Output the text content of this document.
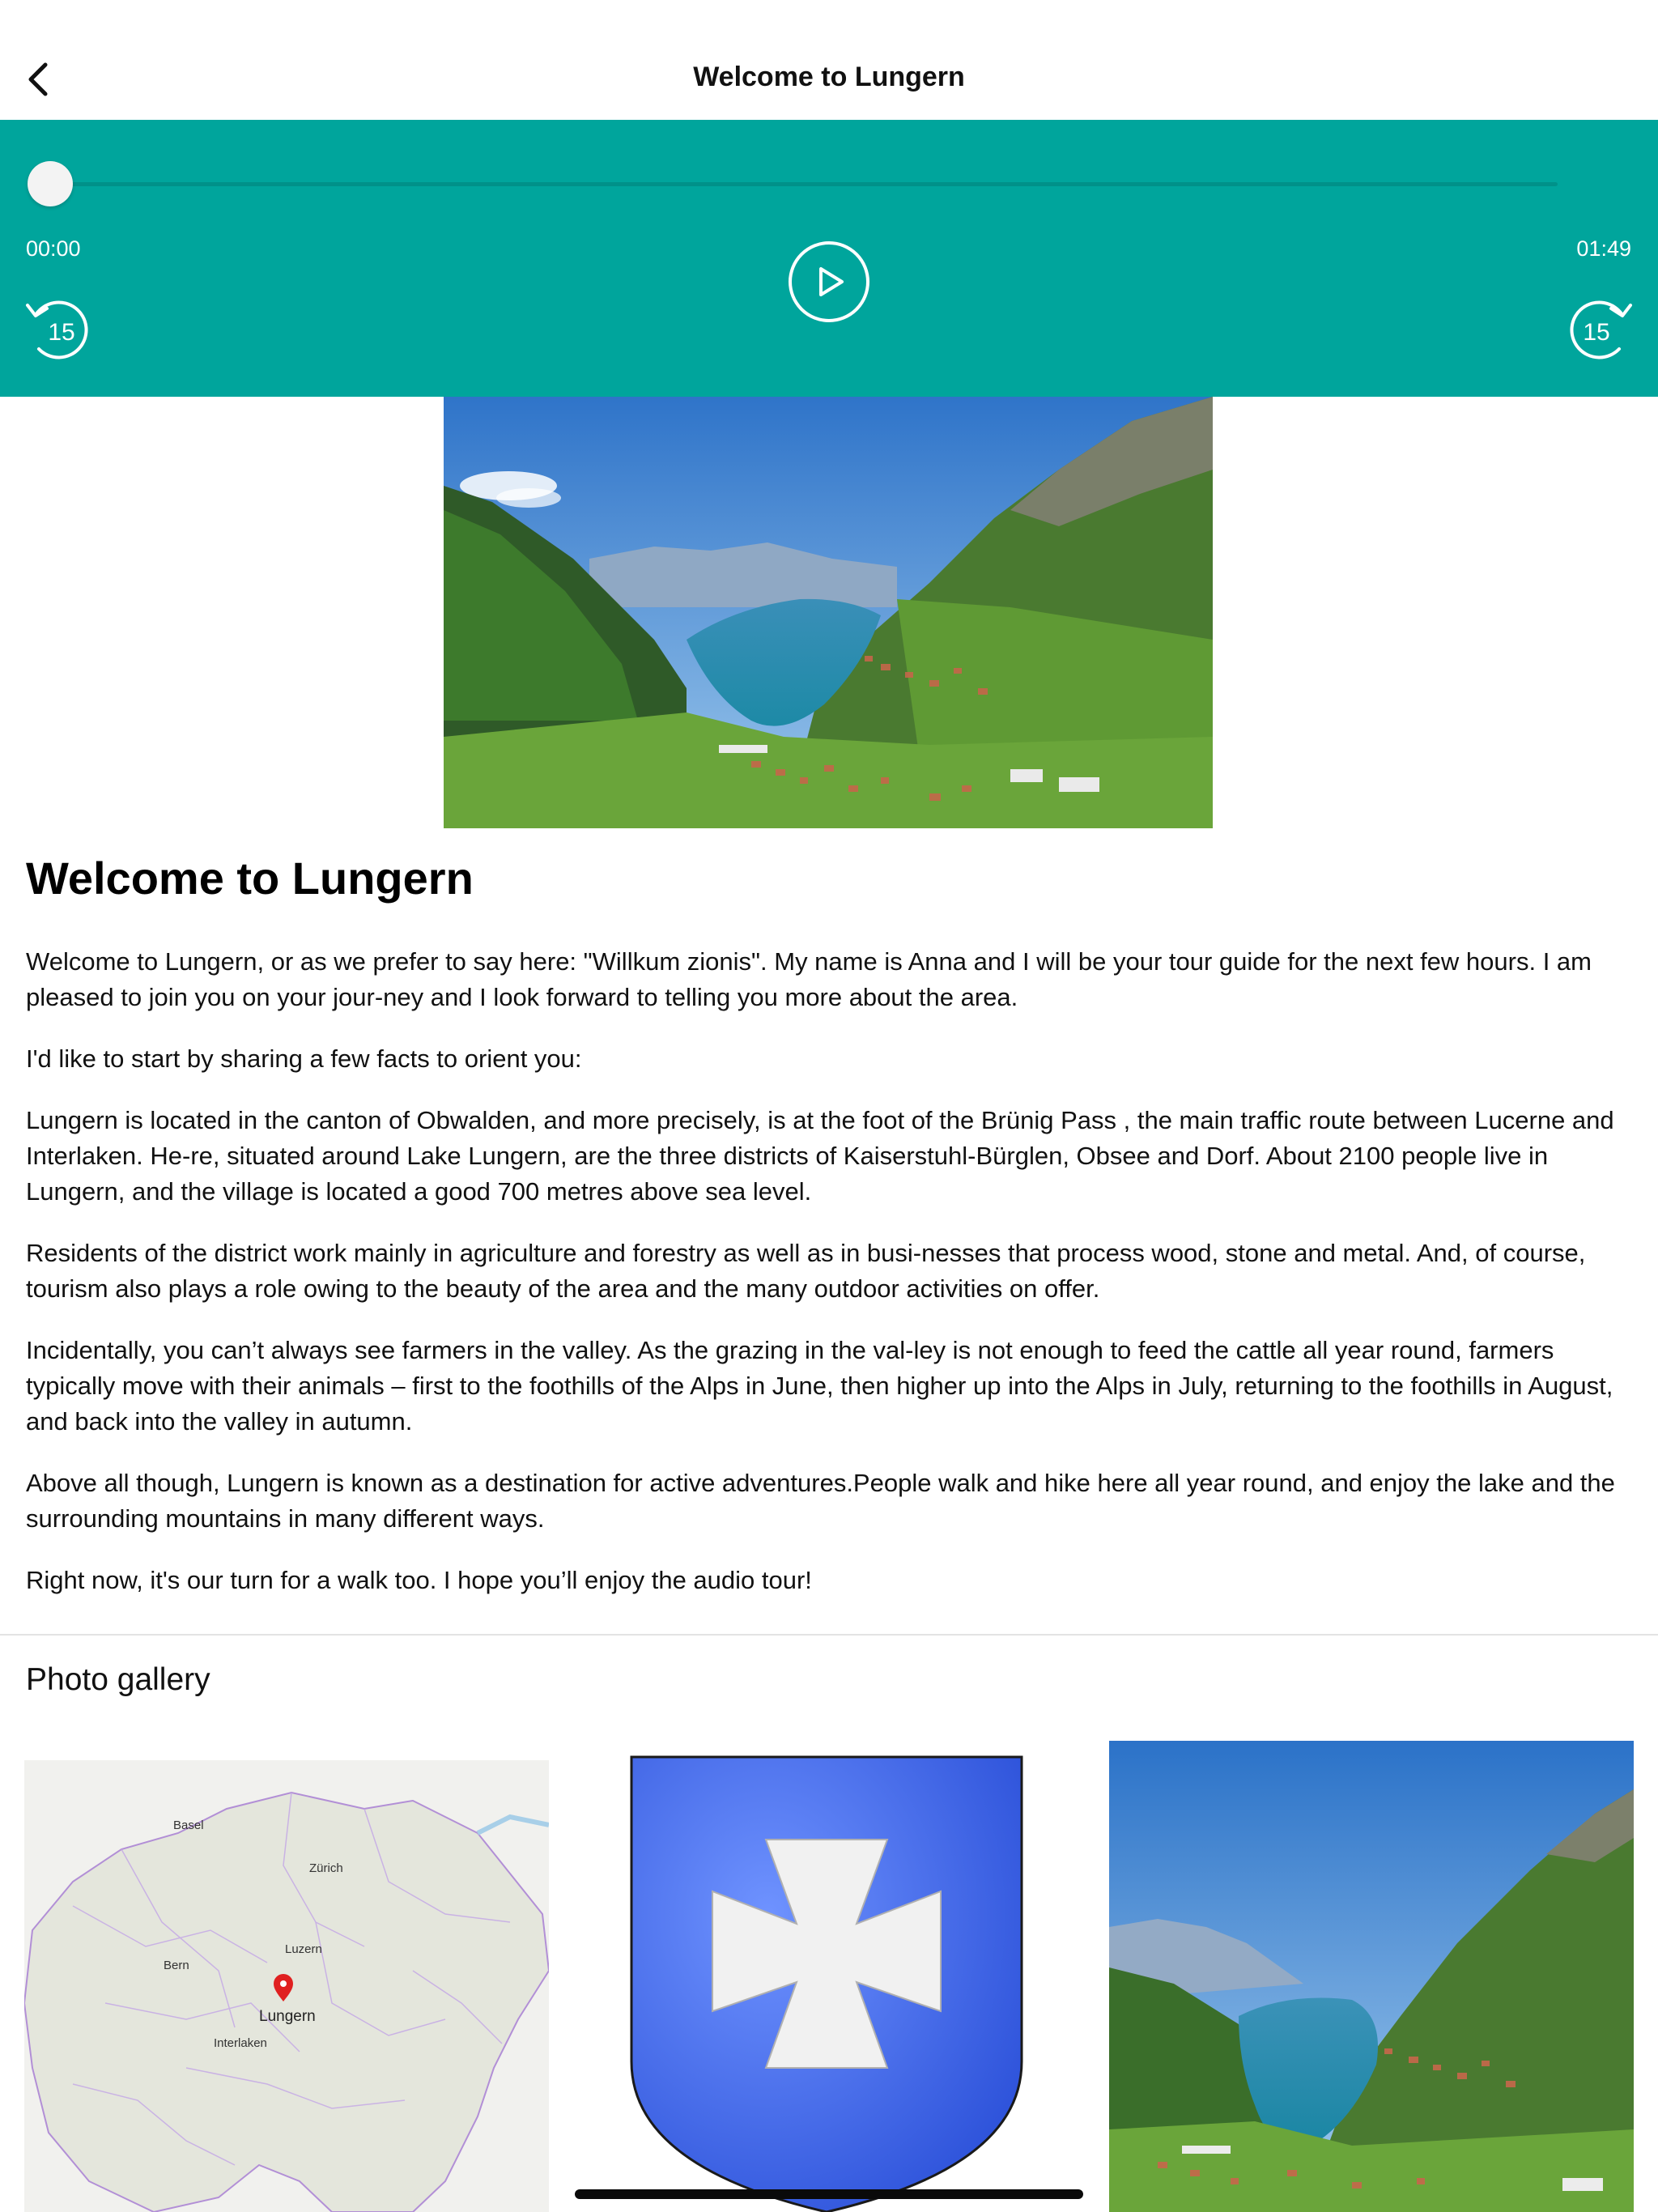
Welcome to Lungern
00:00	01:49
15	15
Welcome to Lungern

Welcome to Lungern, or as we prefer to say here: "Willkum zionis". My name is Anna and I will be your tour guide for the next few hours. I am pleased to join you on your jour-ney and I look forward to telling you more about the area.

I'd like to start by sharing a few facts to orient you:

Lungern is located in the canton of Obwalden, and more precisely, is at the foot of the Brünig Pass , the main traffic route between Lucerne and Interlaken. He-re, situated around Lake Lungern, are the three districts of Kaiserstuhl-Bürglen, Obsee and Dorf. About 2100 people live in Lungern, and the village is located a good 700 metres above sea level.

Residents of the district work mainly in agriculture and forestry as well as in busi-nesses that process wood, stone and metal. And, of course, tourism also plays a role owing to the beauty of the area and the many outdoor activities on offer.

Incidentally, you can’t always see farmers in the valley. As the grazing in the val-ley is not enough to feed the cattle all year round, farmers typically move with their animals – first to the foothills of the Alps in June, then higher up into the Alps in July, returning to the foothills in August, and back into the valley in autumn.

Above all though, Lungern is known as a destination for active adventures.People walk and hike here all year round, and enjoy the lake and the surrounding mountains in many different ways.

Right now, it's our turn for a walk too. I hope you’ll enjoy the audio tour!

Photo gallery
Basel
Zürich
Luzern
Bern
Lungern
Interlaken
